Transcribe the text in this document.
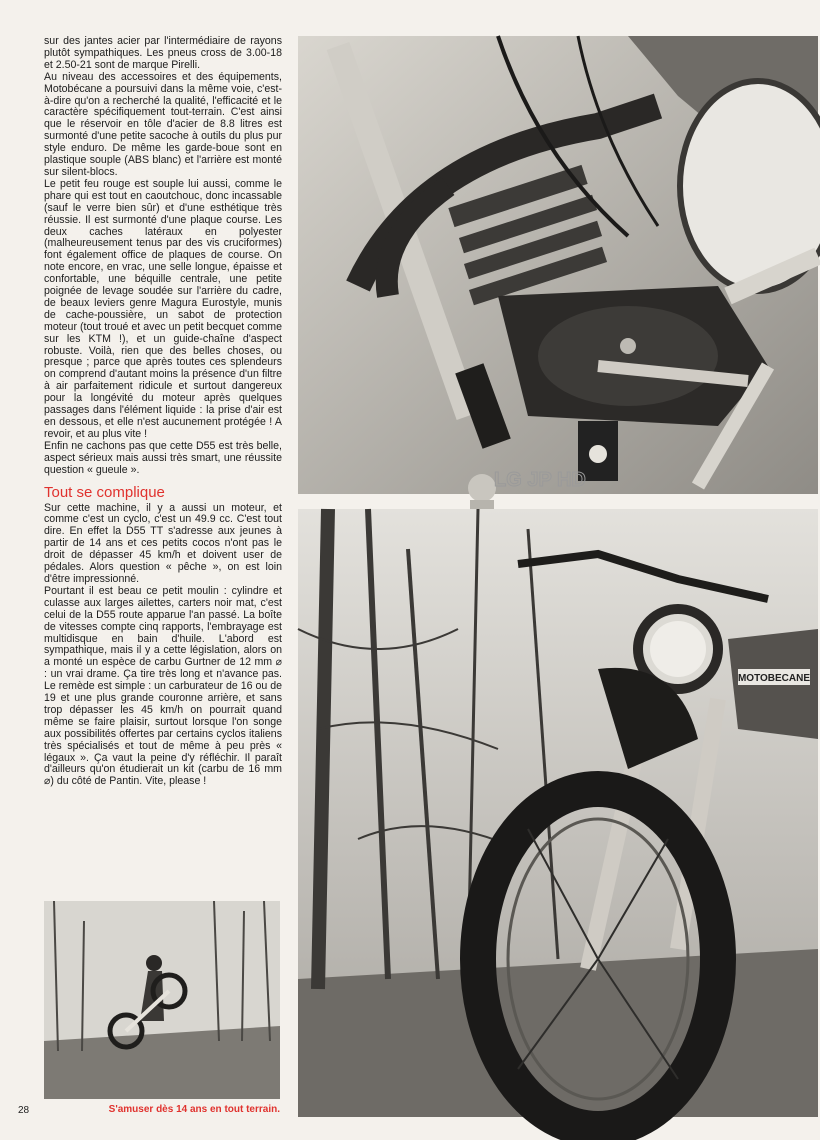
sur des jantes acier par l'intermédiaire de rayons plutôt sympathiques. Les pneus cross de 3.00-18 et 2.50-21 sont de marque Pirelli.

Au niveau des accessoires et des équipements, Motobécane a poursuivi dans la même voie, c'est-à-dire qu'on a recherché la qualité, l'efficacité et le caractère spécifiquement tout-terrain. C'est ainsi que le réservoir en tôle d'acier de 8.8 litres est surmonté d'une petite sacoche à outils du plus pur style enduro. De même les garde-boue sont en plastique souple (ABS blanc) et l'arrière est monté sur silent-blocs.

Le petit feu rouge est souple lui aussi, comme le phare qui est tout en caoutchouc, donc incassable (sauf le verre bien sûr) et d'une esthétique très réussie. Il est surmonté d'une plaque course. Les deux caches latéraux en polyester (malheureusement tenus par des vis cruciformes) font également office de plaques de course. On note encore, en vrac, une selle longue, épaisse et confortable, une béquille centrale, une petite poignée de levage soudée sur l'arrière du cadre, de beaux leviers genre Magura Eurostyle, munis de cache-poussière, un sabot de protection moteur (tout troué et avec un petit becquet comme sur les KTM !), et un guide-chaîne d'aspect robuste. Voilà, rien que des belles choses, ou presque ; parce que après toutes ces splendeurs on comprend d'autant moins la présence d'un filtre à air parfaitement ridicule et surtout dangereux pour la longévité du moteur après quelques passages dans l'élément liquide : la prise d'air est en dessous, et elle n'est aucunement protégée ! A revoir, et au plus vite !

Enfin ne cachons pas que cette D55 est très belle, aspect sérieux mais aussi très smart, une réussite question « gueule ».

Tout se complique

Sur cette machine, il y a aussi un moteur, et comme c'est un cyclo, c'est un 49.9 cc. C'est tout dire. En effet la D55 TT s'adresse aux jeunes à partir de 14 ans et ces petits cocos n'ont pas le droit de dépasser 45 km/h et doivent user de pédales. Alors question « pêche », on est loin d'être impressionné.

Pourtant il est beau ce petit moulin : cylindre et culasse aux larges ailettes, carters noir mat, c'est celui de la D55 route apparue l'an passé. La boîte de vitesses compte cinq rapports, l'embrayage est multidisque en bain d'huile. L'abord est sympathique, mais il y a cette législation, alors on a monté un espèce de carbu Gurtner de 12 mm ⌀ : un vrai drame. Ça tire très long et n'avance pas. Le remède est simple : un carburateur de 16 ou de 19 et une plus grande couronne arrière, et sans trop dépasser les 45 km/h on pourrait quand même se faire plaisir, surtout lorsque l'on songe aux possibilités offertes par certains cyclos italiens très spécialisés et tout de même à peu près « légaux ». Ça vaut la peine d'y réfléchir. Il paraît d'ailleurs qu'on étudierait un kit (carbu de 16 mm ⌀) du côté de Pantin. Vite, please !

LG JP HD
MOTOBECANE
28	S'amuser dès 14 ans en tout terrain.
